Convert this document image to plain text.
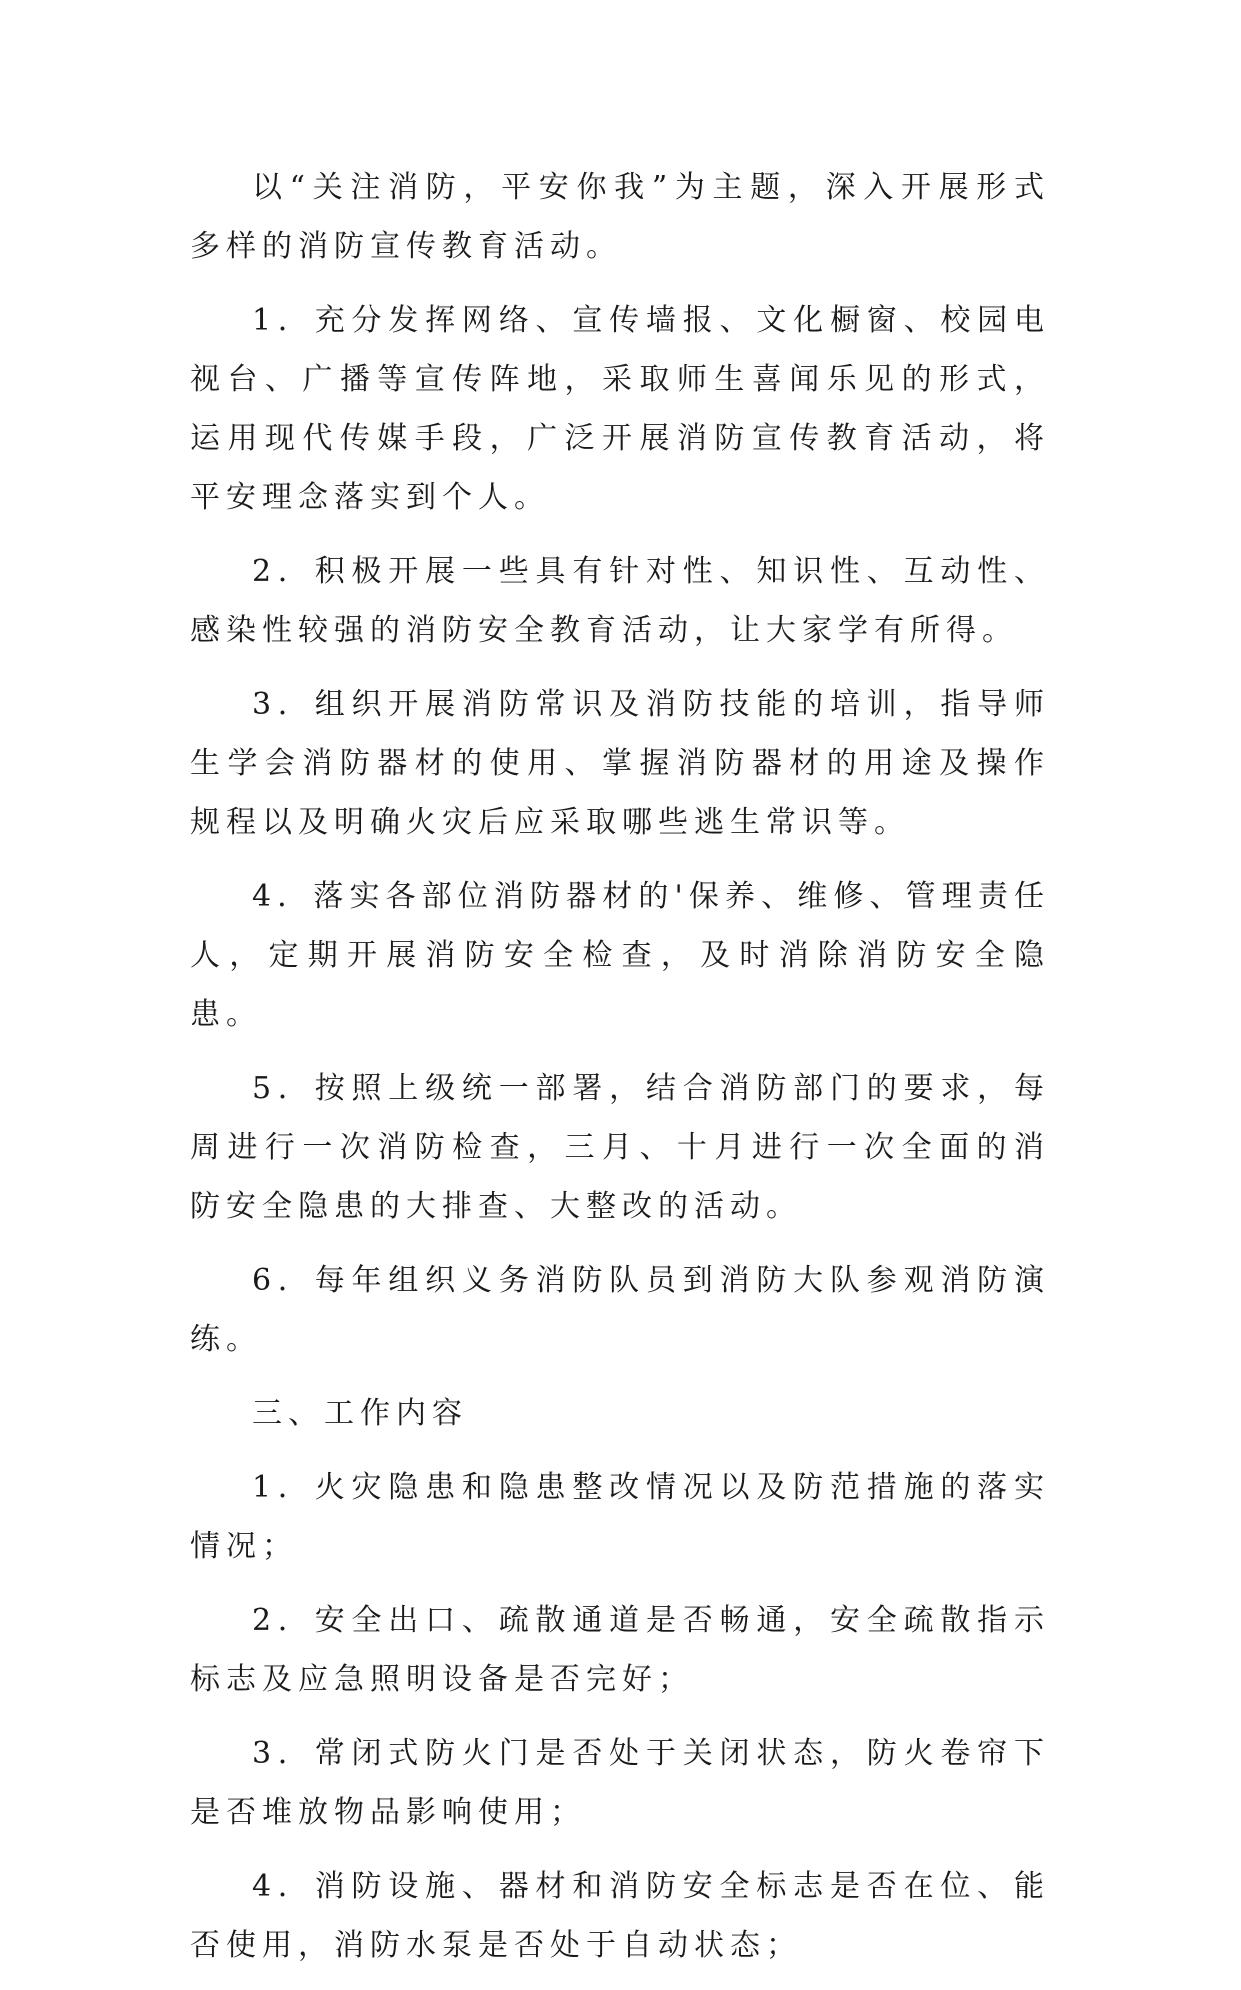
以“关注消防，平安你我”为主题，深入开展形式多样的消防宣传教育活动。

1．充分发挥网络、宣传墙报、文化橱窗、校园电视台、广播等宣传阵地，采取师生喜闻乐见的形式，运用现代传媒手段，广泛开展消防宣传教育活动，将平安理念落实到个人。

2．积极开展一些具有针对性、知识性、互动性、感染性较强的消防安全教育活动，让大家学有所得。

3．组织开展消防常识及消防技能的培训，指导师生学会消防器材的使用、掌握消防器材的用途及操作规程以及明确火灾后应采取哪些逃生常识等。

4．落实各部位消防器材的'保养、维修、管理责任人，定期开展消防安全检查，及时消除消防安全隐患。

5．按照上级统一部署，结合消防部门的要求，每周进行一次消防检查，三月、十月进行一次全面的消防安全隐患的大排查、大整改的活动。

6．每年组织义务消防队员到消防大队参观消防演练。

三、工作内容

1．火灾隐患和隐患整改情况以及防范措施的落实情况；

2．安全出口、疏散通道是否畅通，安全疏散指示标志及应急照明设备是否完好；

3．常闭式防火门是否处于关闭状态，防火卷帘下是否堆放物品影响使用；

4．消防设施、器材和消防安全标志是否在位、能否使用，消防水泵是否处于自动状态；
